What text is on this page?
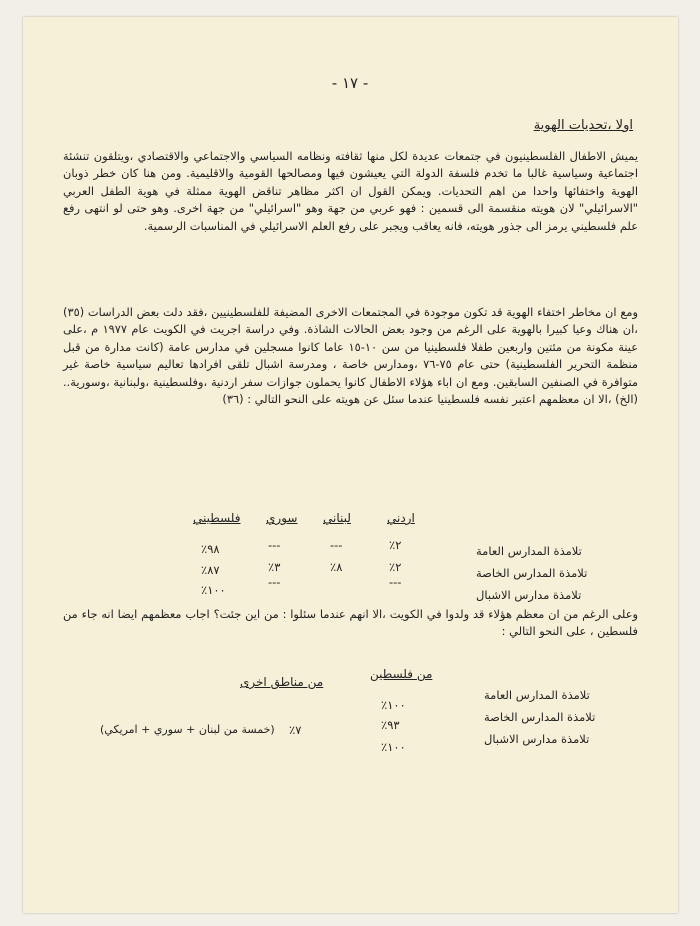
- ١٧ -
اولا ،تحديات الهوية

يميش الاطفال الفلسطينيون في جتمعات عديدة لكل منها ثقافته ونظامه السياسي والاجتماعي والاقتصادي ،ويتلقون تنشئة اجتماعية وسياسية غالبا ما تخدم فلسفة الدولة التي يعيشون فيها ومصالحها القومية والاقليمية. ومن هنا كان خطر ذوبان الهوية واختفائها واحدا من اهم التحديات. ويمكن القول ان اكثر مظاهر تناقض الهوية ممثلة في هوية الطفل العربي "الاسرائيلي" لان هويته منقسمة الى قسمين : فهو عربي من جهة وهو "اسرائيلي" من جهة اخرى. وهو حتى لو انتهى رفع علم فلسطيني يرمز الى جذور هويته، فانه يعاقب ويجبر على رفع العلم الاسرائيلي في المناسبات الرسمية.

ومع ان مخاطر اختفاء الهوية قد تكون موجودة في المجتمعات الاخرى المضيفة للفلسطينيين ،فقد دلت بعض الدراسات (٣٥) ،ان هناك وعيا كبيرا بالهوية على الرغم من وجود بعض الحالات الشاذة. وفي دراسة اجريت في الكويت عام ١٩٧٧ م ،على عينة مكونة من مئتين واربعين طفلا فلسطينيا من سن ١٠-١٥ عاما كانوا مسجلين في مدارس عامة (كانت مدارة من قبل منظمة التحرير الفلسطينية) حتى عام ٧٥-٧٦ ،ومدارس خاصة ، ومدرسة اشبال تلقى افرادها تعاليم سياسية خاصة غير متوافرة في الصنفين السابقين. ومع ان اباء هؤلاء الاطفال كانوا يحملون جوازات سفر اردنية ،وفلسطينية ،ولبنانية ،وسورية.. (الخ) ،الا ان معظمهم اعتبر نفسه فلسطينيا عندما سئل عن هويته على النحو التالي : (٣٦)

اردني
لبناني
سوري
فلسطيني
تلامذة المدارس العامة
٢٪
---
---
٩٨٪
تلامذة المدارس الخاصة
٢٪
٨٪
٣٪
٨٧٪
تلامذة مدارس الاشبال
---
---
١٠٠٪

وعلى الرغم من ان معظم هؤلاء قد ولدوا في الكويت ،الا انهم عندما سئلوا : من اين جئت؟ اجاب معظمهم ايضا انه جاء من فلسطين ، على النحو التالي :

من فلسطين
من مناطق اخرى
تلامذة المدارس العامة
١٠٠٪
تلامذة المدارس الخاصة
٩٣٪
٧٪
(خمسة من لبنان + سوري + امريكي)
تلامذة مدارس الاشبال
١٠٠٪
